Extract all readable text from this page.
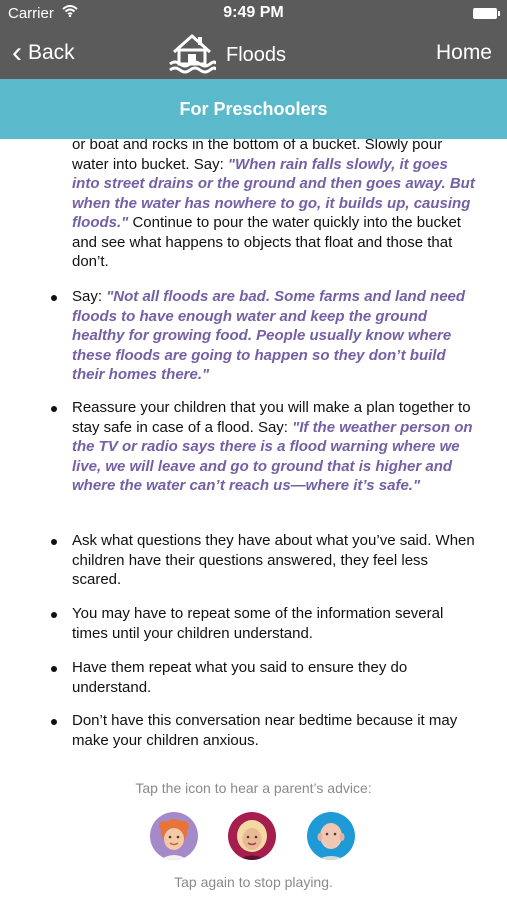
Carrier	9:49 PM
‹ Back	Floods	Home
For Preschoolers
or boat and rocks in the bottom of a bucket. Slowly pour water into bucket. Say: "When rain falls slowly, it goes into street drains or the ground and then goes away. But when the water has nowhere to go, it builds up, causing floods." Continue to pour the water quickly into the bucket and see what happens to objects that float and those that don’t.
Say: "Not all floods are bad. Some farms and land need floods to have enough water and keep the ground healthy for growing food. People usually know where these floods are going to happen so they don’t build their homes there."
Reassure your children that you will make a plan together to stay safe in case of a flood. Say: "If the weather person on the TV or radio says there is a flood warning where we live, we will leave and go to ground that is higher and where the water can’t reach us—where it’s safe."
Ask what questions they have about what you’ve said. When children have their questions answered, they feel less scared.
You may have to repeat some of the information several times until your children understand.
Have them repeat what you said to ensure they do understand.
Don’t have this conversation near bedtime because it may make your children anxious.
Tap the icon to hear a parent’s advice:
Tap again to stop playing.
